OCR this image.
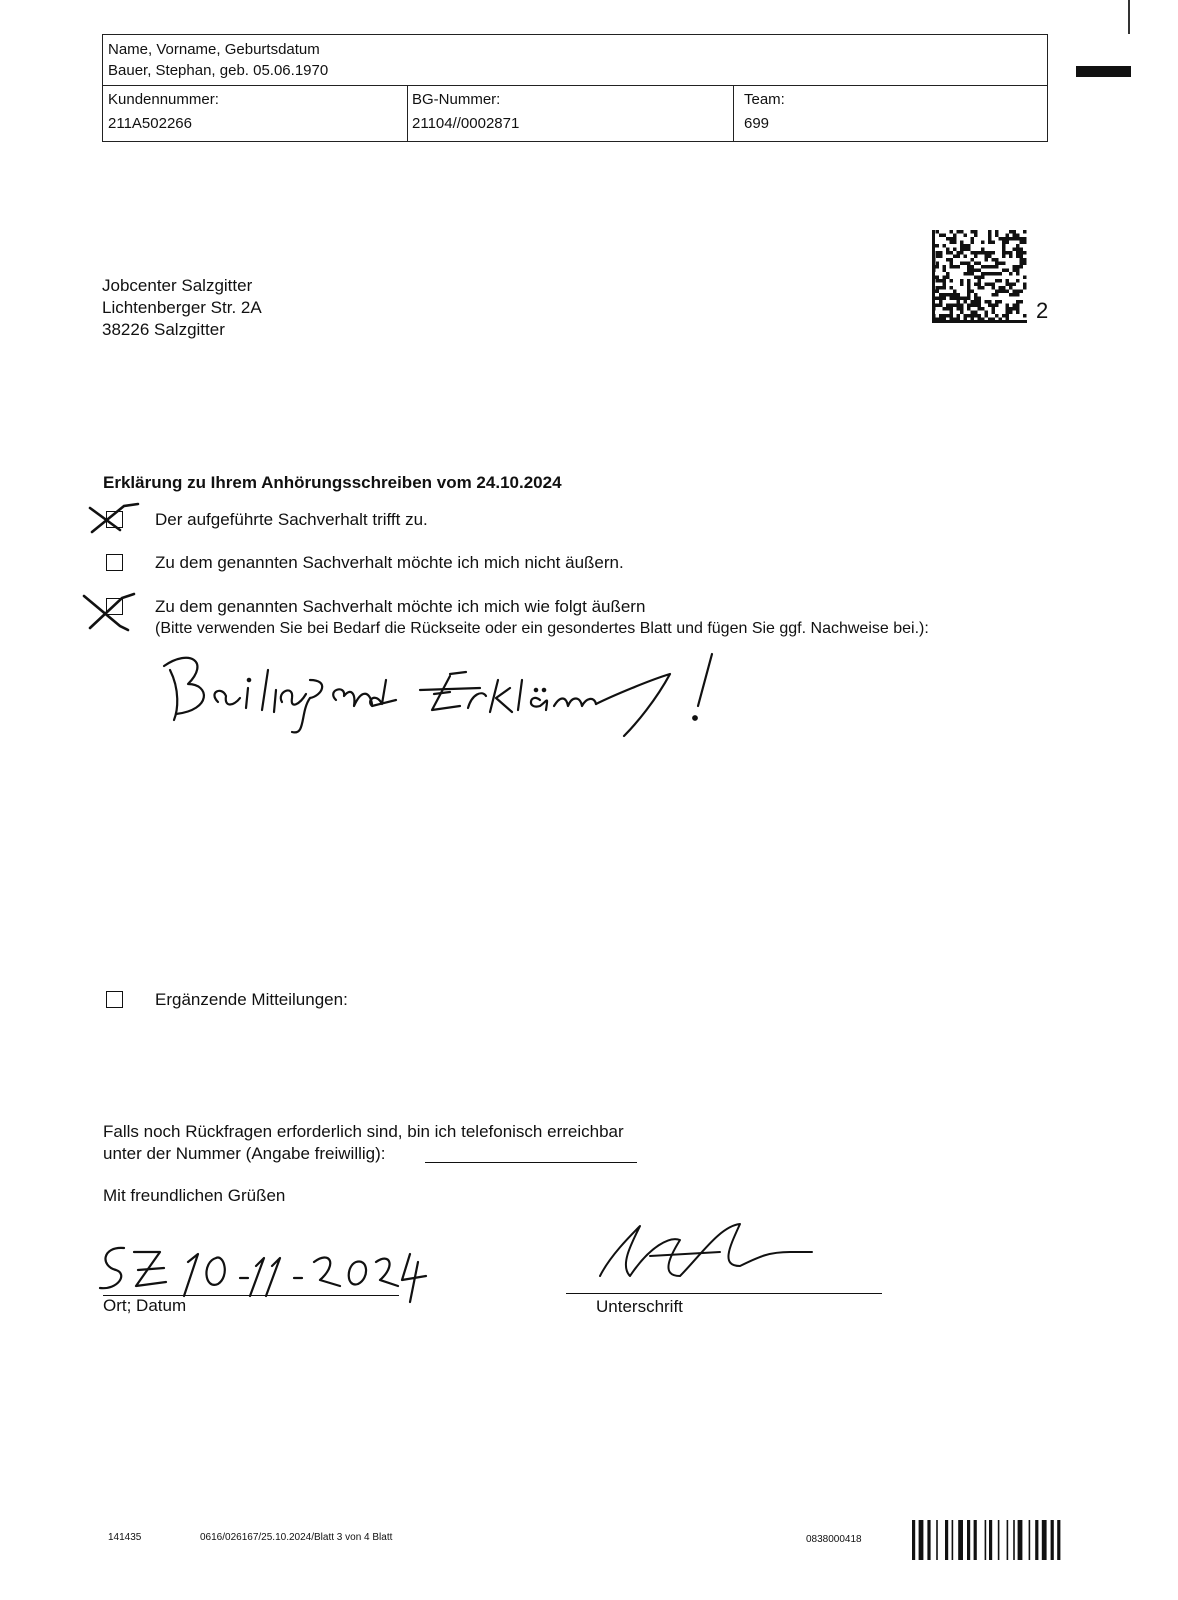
Name, Vorname, Geburtsdatum
Bauer, Stephan, geb. 05.06.1970
Kundennummer:
211A502266
BG-Nummer:
21104//0002871
Team:
699
Jobcenter Salzgitter
Lichtenberger Str. 2A
38226 Salzgitter
2
Erklärung zu Ihrem Anhörungsschreiben vom 24.10.2024
Der aufgeführte Sachverhalt trifft zu.
Zu dem genannten Sachverhalt möchte ich mich nicht äußern.
Zu dem genannten Sachverhalt möchte ich mich wie folgt äußern
(Bitte verwenden Sie bei Bedarf die Rückseite oder ein gesondertes Blatt und fügen Sie ggf. Nachweise bei.):
Ergänzende Mitteilungen:
Falls noch Rückfragen erforderlich sind, bin ich telefonisch erreichbar
unter der Nummer (Angabe freiwillig):
Mit freundlichen Grüßen
Ort; Datum	Unterschrift
141435	0616/026167/25.10.2024/Blatt 3 von 4 Blatt	0838000418
